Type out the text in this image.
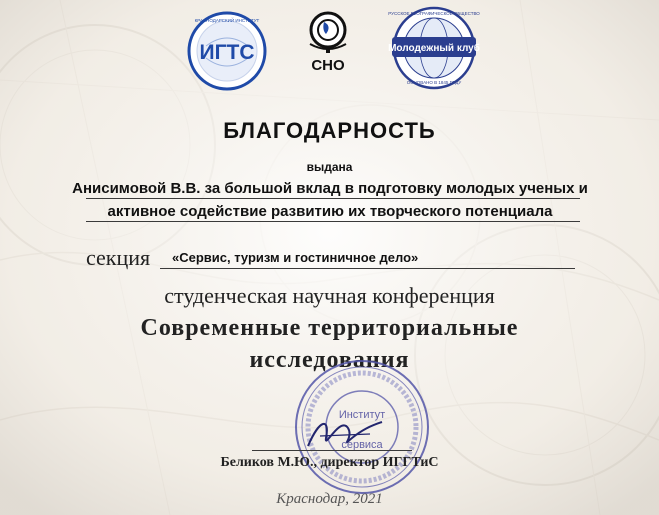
ИГТС
КРАСНОДАРСКИЙ ИНСТИТУТ
СНО
Молодежный клуб
РУССКОЕ ГЕОГРАФИЧЕСКОЕ ОБЩЕСТВО
ОСНОВАНО В 1845 ГОДУ
БЛАГОДАРНОСТЬ
выдана
Анисимовой В.В. за большой вклад в подготовку молодых ученых и
активное содействие развитию их творческого потенциала
секция «Сервис, туризм и гостиничное дело»
студенческая научная конференция
Современные территориальные
исследования
Институт
сервиса
Беликов М.Ю., директор ИГГТиС
Краснодар, 2021
